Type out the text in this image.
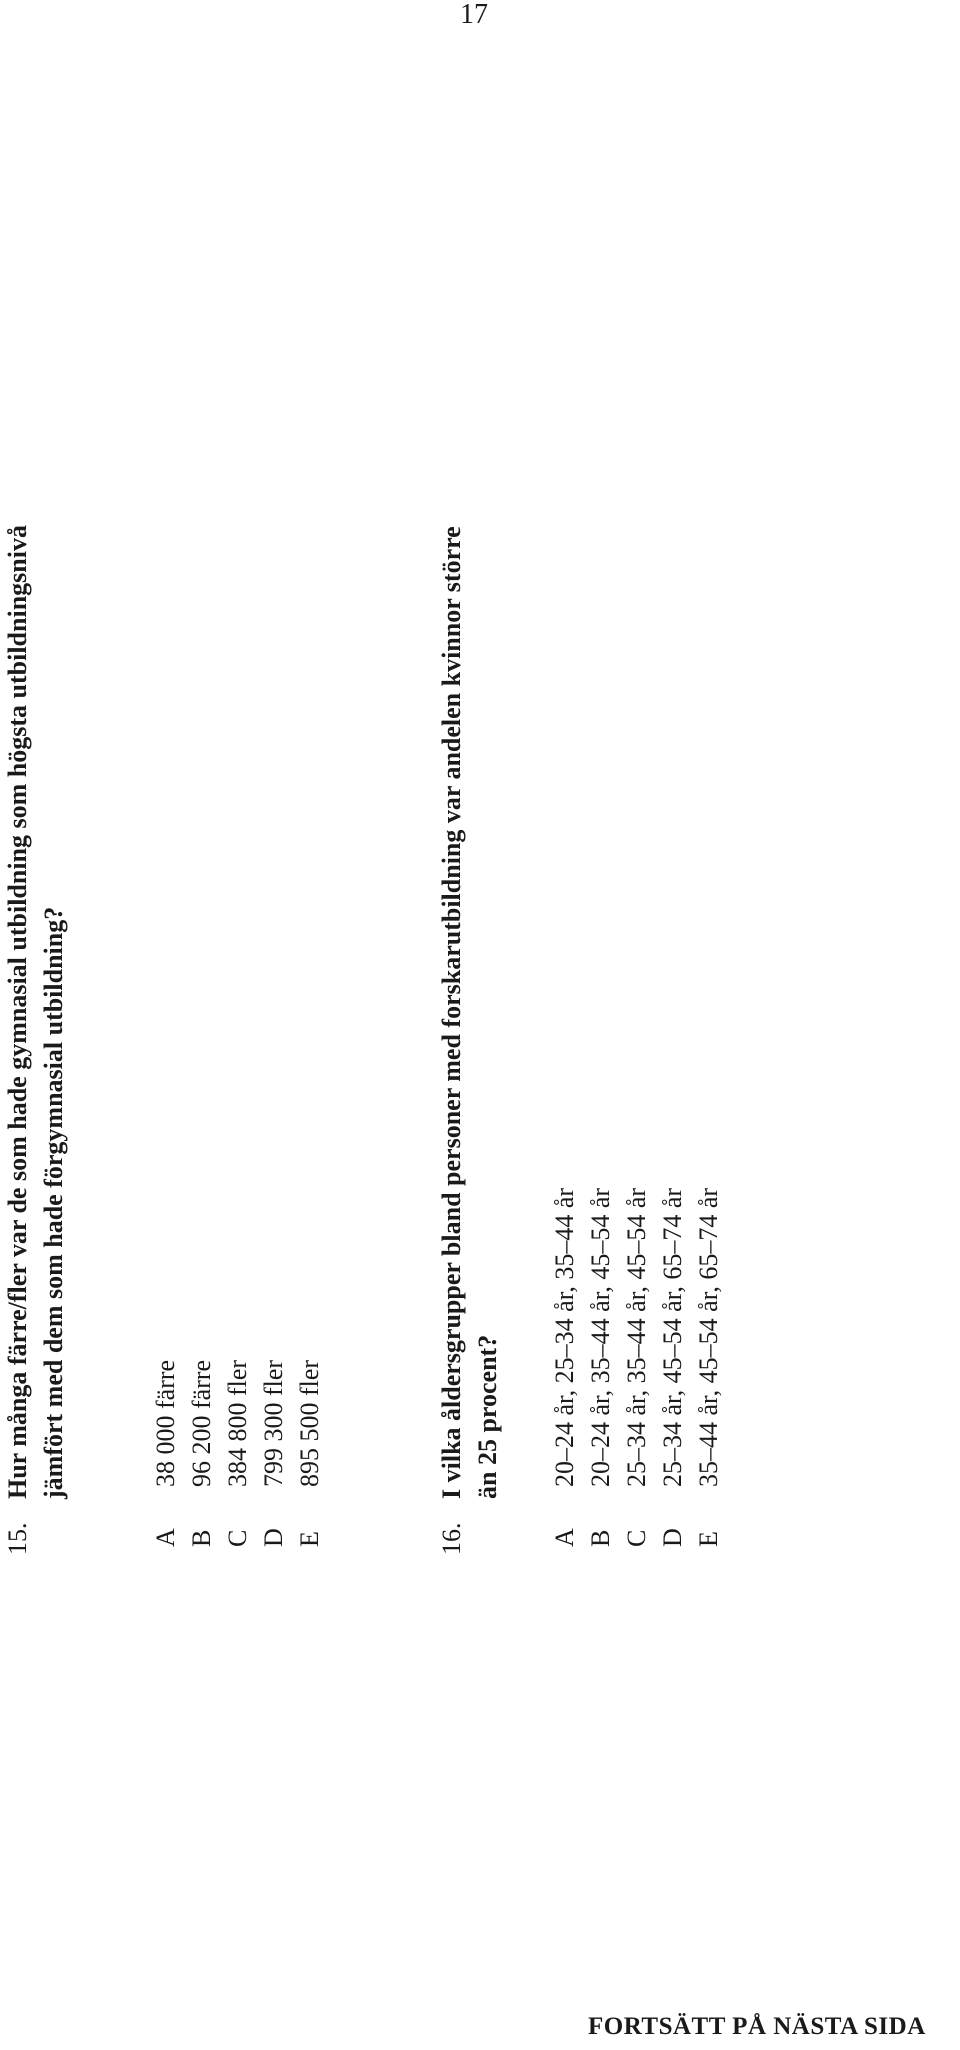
17
15.
Hur många färre/fler var de som hade gymnasial utbildning som högsta utbildningsnivå jämfört med dem som hade förgymnasial utbildning?
A
38 000 färre
B
96 200 färre
C
384 800 fler
D
799 300 fler
E
895 500 fler
16.
I vilka åldersgrupper bland personer med forskarutbildning var andelen kvinnor större än 25 procent?
A
20–24 år, 25–34 år, 35–44 år
B
20–24 år, 35–44 år, 45–54 år
C
25–34 år, 35–44 år, 45–54 år
D
25–34 år, 45–54 år, 65–74 år
E
35–44 år, 45–54 år, 65–74 år
FORTSÄTT PÅ NÄSTA SIDA
